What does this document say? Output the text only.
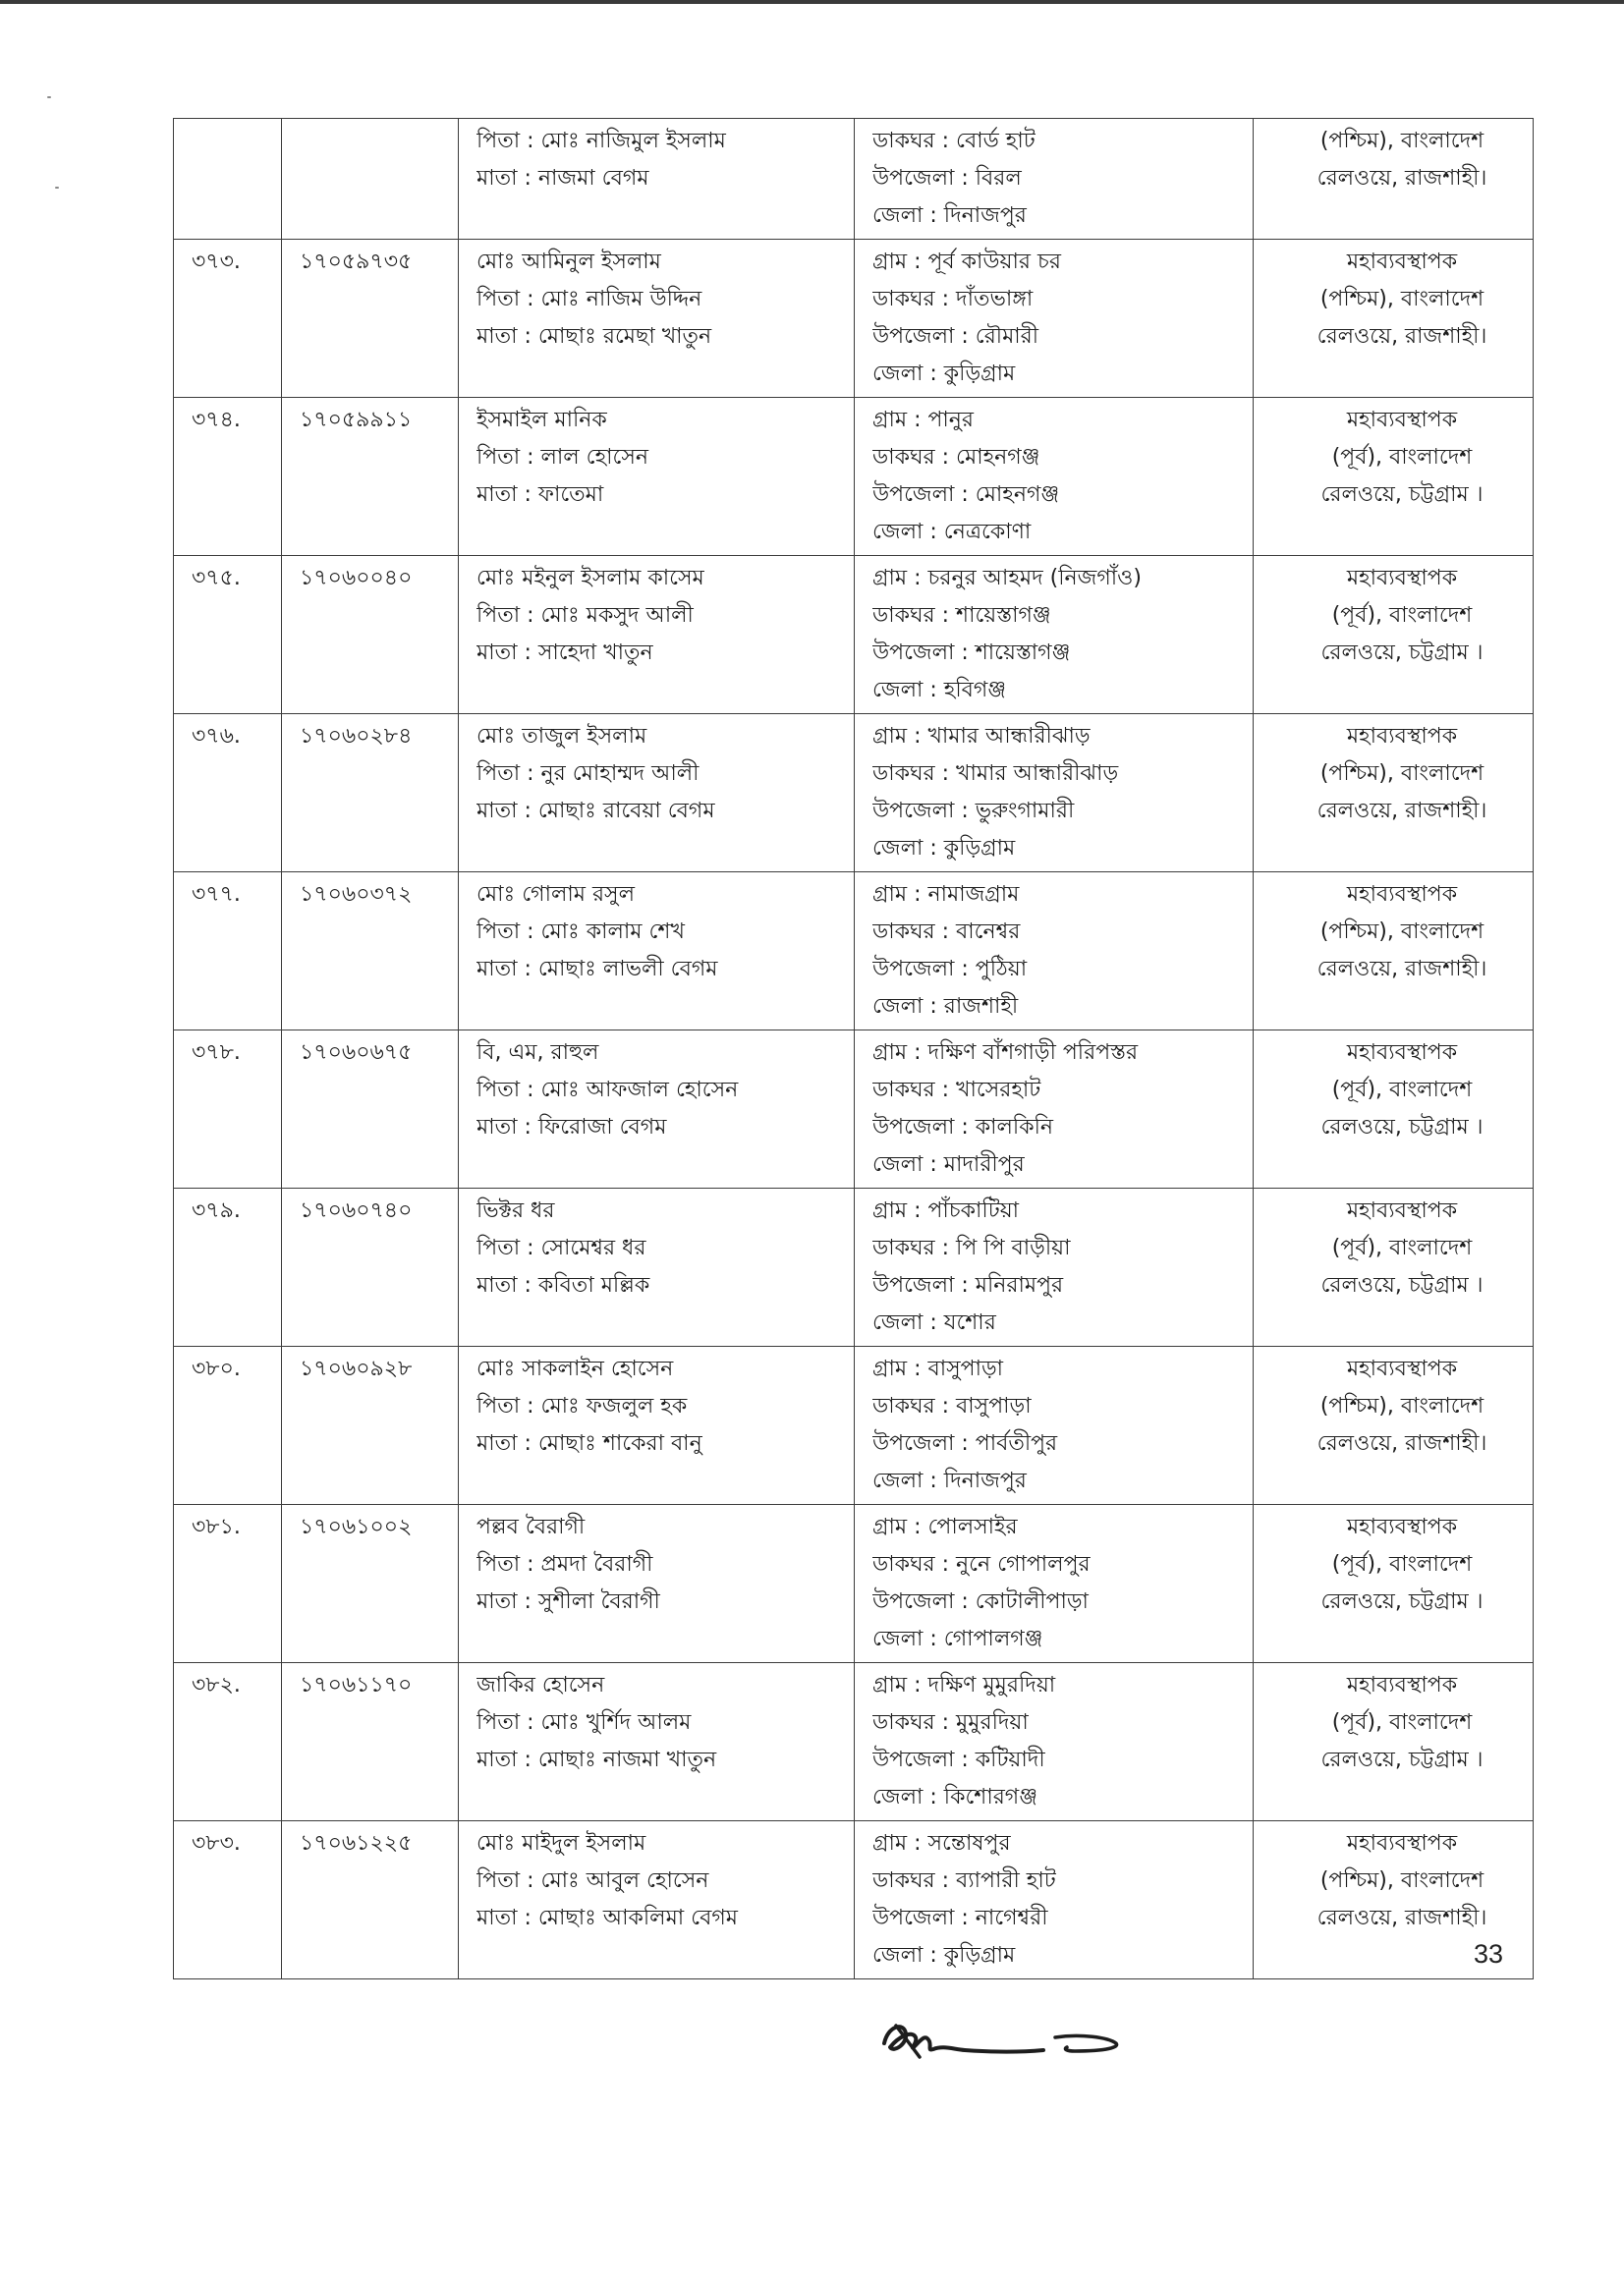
		পিতা : মোঃ নাজিমুল ইসলাম
মাতা : নাজমা বেগম	ডাকঘর : বোর্ড হাট
উপজেলা : বিরল
জেলা : দিনাজপুর	(পশ্চিম), বাংলাদেশ
রেলওয়ে, রাজশাহী।

৩৭৩.	১৭০৫৯৭৩৫	মোঃ আমিনুল ইসলাম
পিতা : মোঃ নাজিম উদ্দিন
মাতা : মোছাঃ রমেছা খাতুন	গ্রাম : পূর্ব কাউয়ার চর
ডাকঘর : দাঁতভাঙ্গা
উপজেলা : রৌমারী
জেলা : কুড়িগ্রাম	মহাব্যবস্থাপক
(পশ্চিম), বাংলাদেশ
রেলওয়ে, রাজশাহী।

৩৭৪.	১৭০৫৯৯১১	ইসমাইল মানিক
পিতা : লাল হোসেন
মাতা : ফাতেমা	গ্রাম : পানুর
ডাকঘর : মোহনগঞ্জ
উপজেলা : মোহনগঞ্জ
জেলা : নেত্রকোণা	মহাব্যবস্থাপক
(পূর্ব), বাংলাদেশ
রেলওয়ে, চট্টগ্রাম ।

৩৭৫.	১৭০৬০০৪০	মোঃ মইনুল ইসলাম কাসেম
পিতা : মোঃ মকসুদ আলী
মাতা : সাহেদা খাতুন	গ্রাম : চরনুর আহমদ (নিজগাঁও)
ডাকঘর : শায়েস্তাগঞ্জ
উপজেলা : শায়েস্তাগঞ্জ
জেলা : হবিগঞ্জ	মহাব্যবস্থাপক
(পূর্ব), বাংলাদেশ
রেলওয়ে, চট্টগ্রাম ।

৩৭৬.	১৭০৬০২৮৪	মোঃ তাজুল ইসলাম
পিতা : নুর মোহাম্মদ আলী
মাতা : মোছাঃ রাবেয়া বেগম	গ্রাম : খামার আন্ধারীঝাড়
ডাকঘর : খামার আন্ধারীঝাড়
উপজেলা : ভুরুংগামারী
জেলা : কুড়িগ্রাম	মহাব্যবস্থাপক
(পশ্চিম), বাংলাদেশ
রেলওয়ে, রাজশাহী।

৩৭৭.	১৭০৬০৩৭২	মোঃ গোলাম রসুল
পিতা : মোঃ কালাম শেখ
মাতা : মোছাঃ লাভলী বেগম	গ্রাম : নামাজগ্রাম
ডাকঘর : বানেশ্বর
উপজেলা : পুঠিয়া
জেলা : রাজশাহী	মহাব্যবস্থাপক
(পশ্চিম), বাংলাদেশ
রেলওয়ে, রাজশাহী।

৩৭৮.	১৭০৬০৬৭৫	বি, এম, রাহুল
পিতা : মোঃ আফজাল হোসেন
মাতা : ফিরোজা বেগম	গ্রাম : দক্ষিণ বাঁশগাড়ী পরিপস্তর
ডাকঘর : খাসেরহাট
উপজেলা : কালকিনি
জেলা : মাদারীপুর	মহাব্যবস্থাপক
(পূর্ব), বাংলাদেশ
রেলওয়ে, চট্টগ্রাম ।

৩৭৯.	১৭০৬০৭৪০	ভিক্টর ধর
পিতা : সোমেশ্বর ধর
মাতা : কবিতা মল্লিক	গ্রাম : পাঁচকাটিয়া
ডাকঘর : পি পি বাড়ীয়া
উপজেলা : মনিরামপুর
জেলা : যশোর	মহাব্যবস্থাপক
(পূর্ব), বাংলাদেশ
রেলওয়ে, চট্টগ্রাম ।

৩৮০.	১৭০৬০৯২৮	মোঃ সাকলাইন হোসেন
পিতা : মোঃ ফজলুল হক
মাতা : মোছাঃ শাকেরা বানু	গ্রাম : বাসুপাড়া
ডাকঘর : বাসুপাড়া
উপজেলা : পার্বতীপুর
জেলা : দিনাজপুর	মহাব্যবস্থাপক
(পশ্চিম), বাংলাদেশ
রেলওয়ে, রাজশাহী।

৩৮১.	১৭০৬১০০২	পল্লব বৈরাগী
পিতা : প্রমদা বৈরাগী
মাতা : সুশীলা বৈরাগী	গ্রাম : পোলসাইর
ডাকঘর : নুনে গোপালপুর
উপজেলা : কোটালীপাড়া
জেলা : গোপালগঞ্জ	মহাব্যবস্থাপক
(পূর্ব), বাংলাদেশ
রেলওয়ে, চট্টগ্রাম ।

৩৮২.	১৭০৬১১৭০	জাকির হোসেন
পিতা : মোঃ খুর্শিদ আলম
মাতা : মোছাঃ নাজমা খাতুন	গ্রাম : দক্ষিণ মুমুরদিয়া
ডাকঘর : মুমুরদিয়া
উপজেলা : কটিয়াদী
জেলা : কিশোরগঞ্জ	মহাব্যবস্থাপক
(পূর্ব), বাংলাদেশ
রেলওয়ে, চট্টগ্রাম ।

৩৮৩.	১৭০৬১২২৫	মোঃ মাইদুল ইসলাম
পিতা : মোঃ আবুল হোসেন
মাতা : মোছাঃ আকলিমা বেগম	গ্রাম : সন্তোষপুর
ডাকঘর : ব্যাপারী হাট
উপজেলা : নাগেশ্বরী
জেলা : কুড়িগ্রাম	মহাব্যবস্থাপক
(পশ্চিম), বাংলাদেশ
রেলওয়ে, রাজশাহী।
33
